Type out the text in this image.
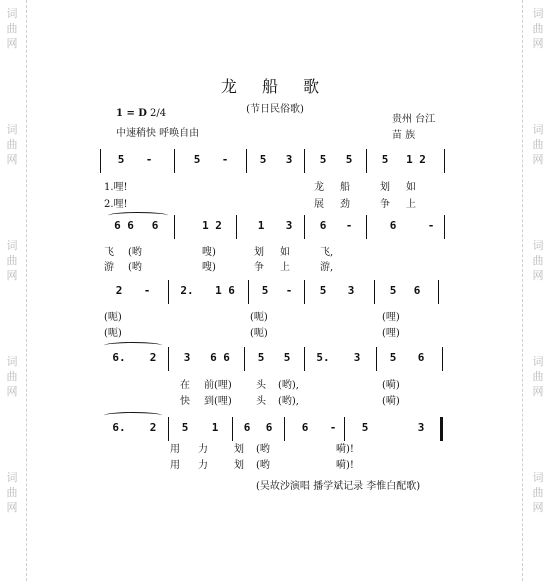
词
曲
网
词
曲
网
词
曲
网
词
曲
网
词
曲
网
词
曲
网
词
曲
网
词
曲
网
词
曲
网
词
曲
网
龙 船 歌
(节日民俗歌)
1 = D 2/4
中速稍快 呼唤自由
贵州 台江
苗 族
5	-	5	-	5	3	5	5	5	1 2
1.哩!	龙 船	划 如
2.哩!	展 劲	争 上
6 6	6	1 2	1	3	6	-	6	-
飞 (哟	嗖)	划 如	飞,
游 (哟	嗖)	争 上	游,
2	-	2.	1 6	5	-	5	3	5	6
(呃)	(呃)	(哩)
(呃)	(呃)	(哩)
6.	2	3	6 6	5	5	5.	3	5	6
在 前(哩) 头 (哟),	(嗬)
快 到(哩) 头 (哟),	(嗬)
6.	2	5	1	6	6	6	-	5	3
用 力	划 (哟	嗬)!
用 力	划 (哟	嗬)!
(吴故沙演唱 播学斌记录 李惟白配歌)
